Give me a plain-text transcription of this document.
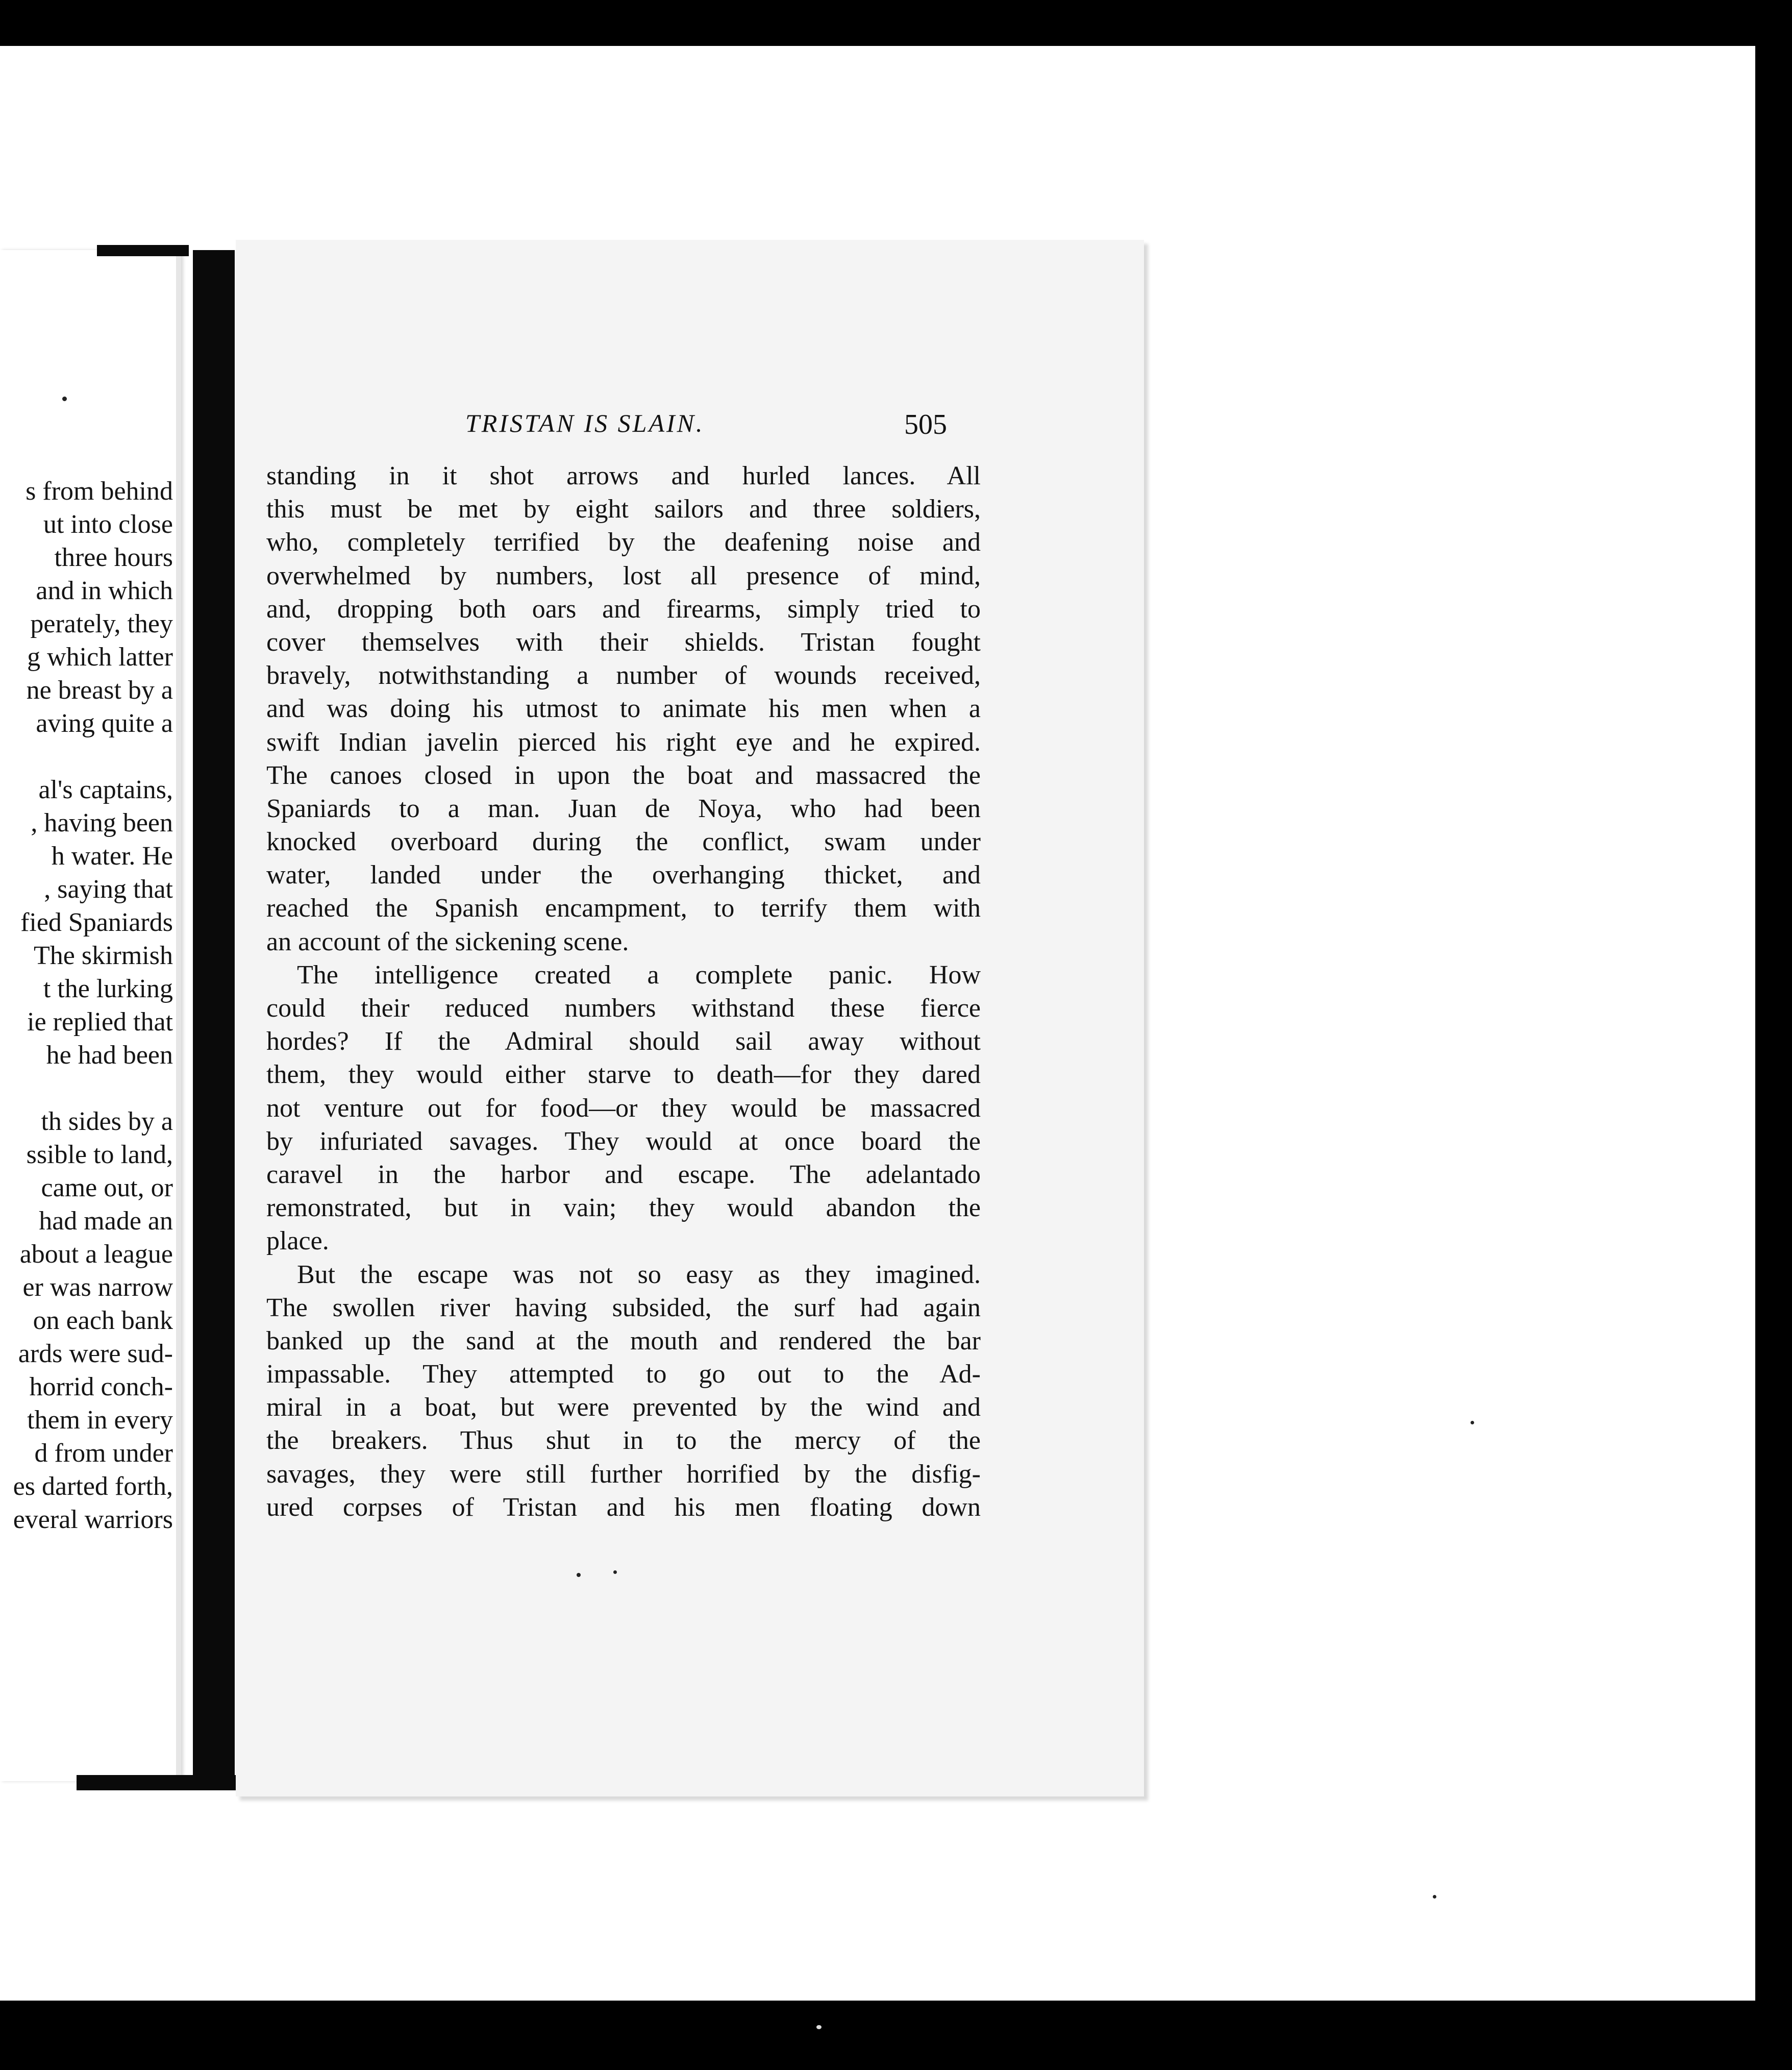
s from behind
ut into close
three hours
and in which
perately, they
g which latter
ne breast by a
aving quite a
al's captains,
, having been
h water. He
, saying that
fied Spaniards
The skirmish
t the lurking
ie replied that
he had been
th sides by a
ssible to land,
came out, or
had made an
about a league
er was narrow
on each bank
ards were sud-
horrid conch-
them in every
d from under
es darted forth,
everal warriors
TRISTAN IS SLAIN.	505
standing in it shot arrows and hurled lances. All
this must be met by eight sailors and three soldiers,
who, completely terrified by the deafening noise and
overwhelmed by numbers, lost all presence of mind,
and, dropping both oars and firearms, simply tried to
cover themselves with their shields. Tristan fought
bravely, notwithstanding a number of wounds received,
and was doing his utmost to animate his men when a
swift Indian javelin pierced his right eye and he expired.
The canoes closed in upon the boat and massacred the
Spaniards to a man. Juan de Noya, who had been
knocked overboard during the conflict, swam under
water, landed under the overhanging thicket, and
reached the Spanish encampment, to terrify them with
an account of the sickening scene.
The intelligence created a complete panic. How
could their reduced numbers withstand these fierce
hordes? If the Admiral should sail away without
them, they would either starve to death—for they dared
not venture out for food—or they would be massacred
by infuriated savages. They would at once board the
caravel in the harbor and escape. The adelantado
remonstrated, but in vain; they would abandon the
place.
But the escape was not so easy as they imagined.
The swollen river having subsided, the surf had again
banked up the sand at the mouth and rendered the bar
impassable. They attempted to go out to the Ad-
miral in a boat, but were prevented by the wind and
the breakers. Thus shut in to the mercy of the
savages, they were still further horrified by the disfig-
ured corpses of Tristan and his men floating down
